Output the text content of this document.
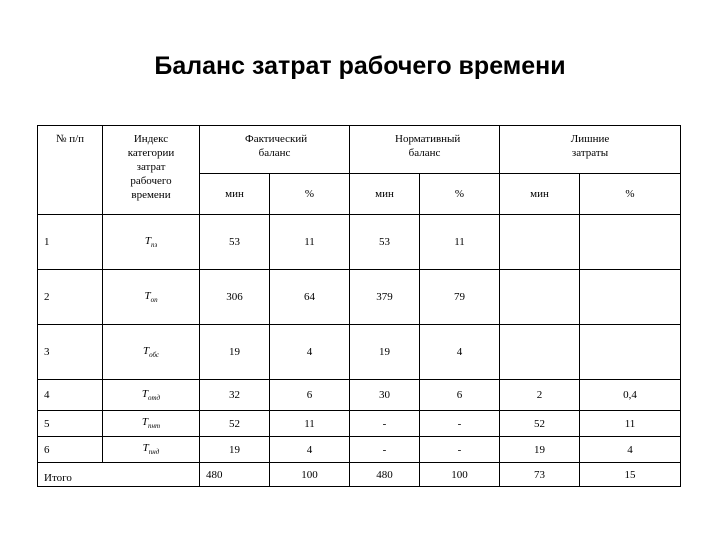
Баланс затрат рабочего времени
№ п/п	Индекс категории затрат рабочего времени	Фактический баланс		Нормативный баланс		Лишние затраты	
		мин	%	мин	%	мин	%
1	$T_{пз}$	53	11	53	11		
2	$T_{оп}$	306	64	379	79		
3	$T_{обс}$	19	4	19	4		
4	$T_{отд}$	32	6	30	6	2	0,4
5	$T_{пнт}$	52	11	-	-	52	11
6	$T_{пнд}$	19	4	-	-	19	4
Итого		480	100	480	100	73	15
